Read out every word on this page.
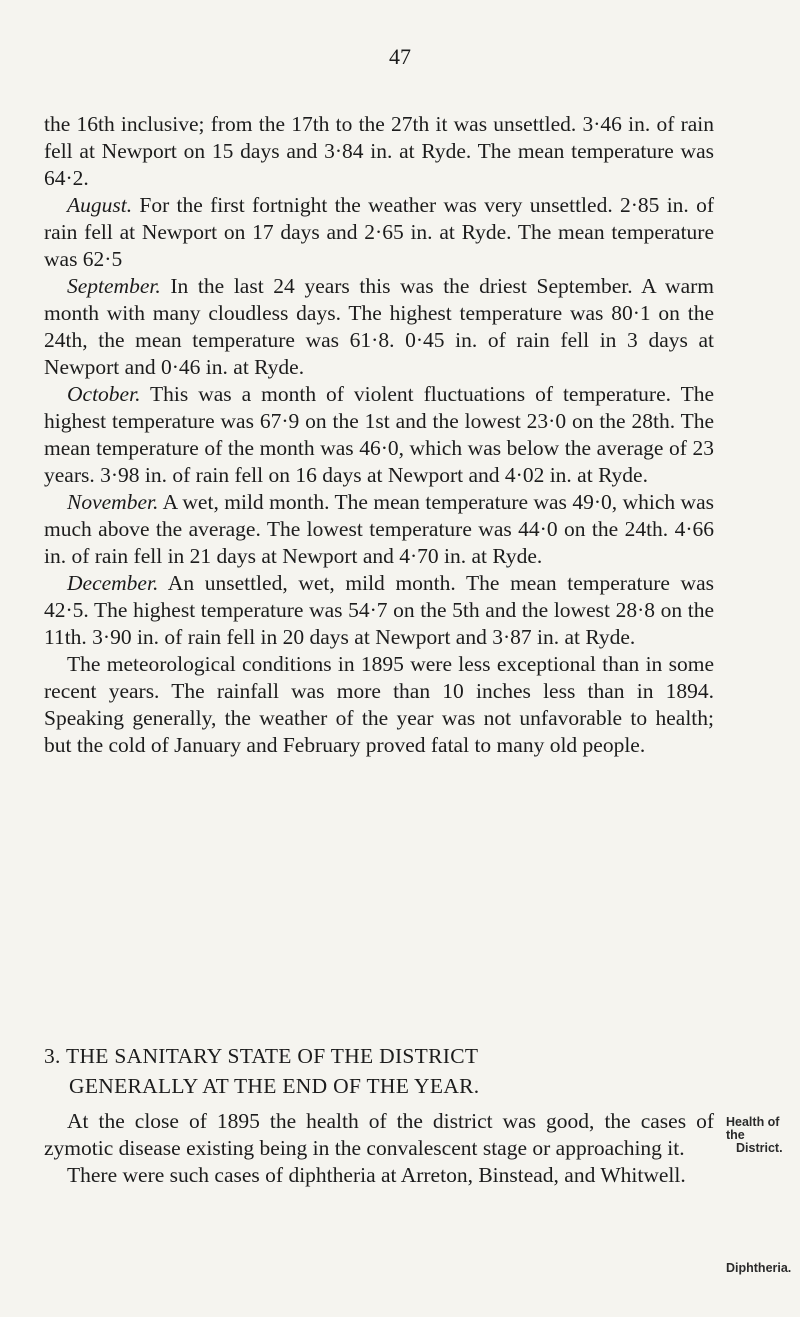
47

the 16th inclusive; from the 17th to the 27th it was unsettled. 3·46 in. of rain fell at Newport on 15 days and 3·84 in. at Ryde. The mean temperature was 64·2.

August. For the first fortnight the weather was very unsettled. 2·85 in. of rain fell at Newport on 17 days and 2·65 in. at Ryde. The mean temperature was 62·5

September. In the last 24 years this was the driest September. A warm month with many cloudless days. The highest temperature was 80·1 on the 24th, the mean temperature was 61·8. 0·45 in. of rain fell in 3 days at Newport and 0·46 in. at Ryde.

October. This was a month of violent fluctuations of temperature. The highest temperature was 67·9 on the 1st and the lowest 23·0 on the 28th. The mean temperature of the month was 46·0, which was below the average of 23 years. 3·98 in. of rain fell on 16 days at Newport and 4·02 in. at Ryde.

November. A wet, mild month. The mean temperature was 49·0, which was much above the average. The lowest temperature was 44·0 on the 24th. 4·66 in. of rain fell in 21 days at Newport and 4·70 in. at Ryde.

December. An unsettled, wet, mild month. The mean temperature was 42·5. The highest temperature was 54·7 on the 5th and the lowest 28·8 on the 11th. 3·90 in. of rain fell in 20 days at Newport and 3·87 in. at Ryde.

The meteorological conditions in 1895 were less exceptional than in some recent years. The rainfall was more than 10 inches less than in 1894. Speaking generally, the weather of the year was not unfavorable to health; but the cold of January and February proved fatal to many old people.

3. THE SANITARY STATE OF THE DISTRICT
GENERALLY AT THE END OF THE YEAR.

At the close of 1895 the health of the district was good, the cases of zymotic disease existing being in the convalescent stage or approaching it.

There were such cases of diphtheria at Arreton, Binstead, and Whitwell.

Health of the
District.
Diphtheria.
